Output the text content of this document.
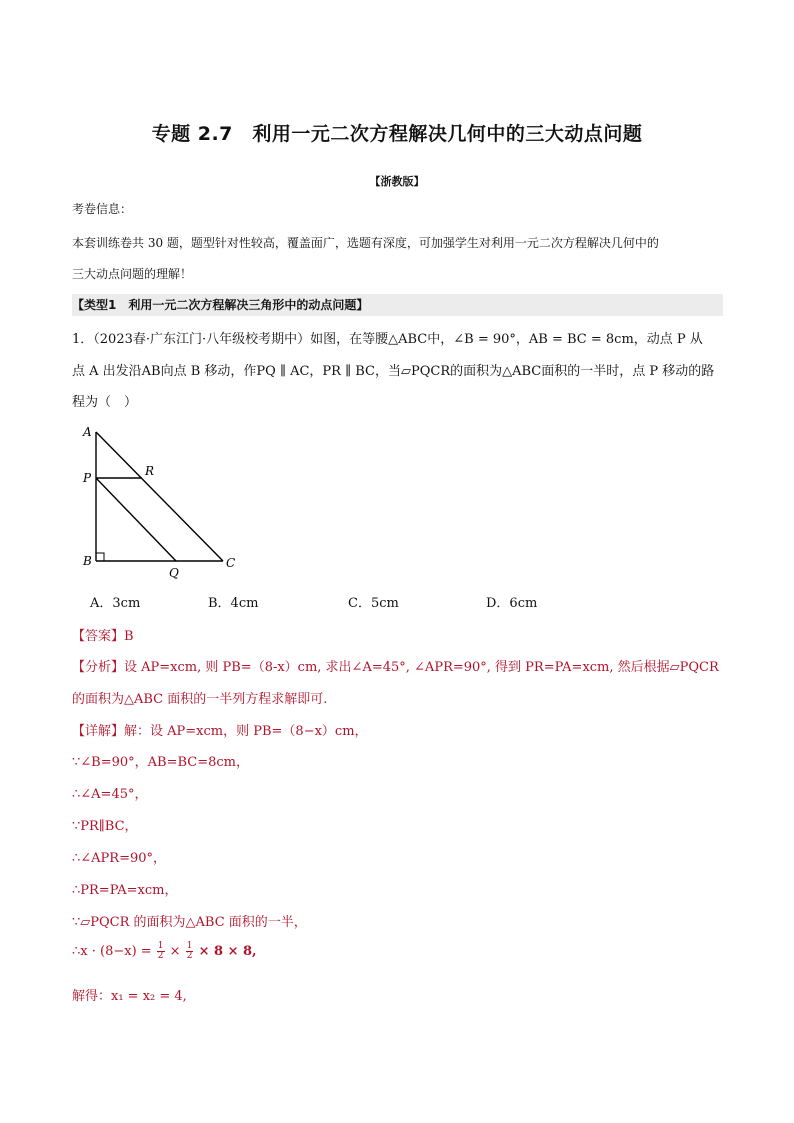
专题 2.7　利用一元二次方程解决几何中的三大动点问题
【浙教版】
考卷信息：
本套训练卷共 30 题，题型针对性较高，覆盖面广，选题有深度，可加强学生对利用一元二次方程解决几何中的
三大动点问题的理解！
【类型1　利用一元二次方程解决三角形中的动点问题】
1．（2023春·广东江门·八年级校考期中）如图，在等腰△ABC中，∠B = 90°，AB = BC = 8cm，动点 P 从
点 A 出发沿AB向点 B 移动，作PQ ∥ AC，PR ∥ BC，当▱PQCR的面积为△ABC面积的一半时，点 P 移动的路
程为（　）
A
P	R
B
Q
C
A．3cm	B．4cm	C．5cm	D．6cm
【答案】B
【分析】设 AP=xcm, 则 PB=（8-x）cm, 求出∠A=45°, ∠APR=90°, 得到 PR=PA=xcm, 然后根据▱PQCR
的面积为△ABC 面积的一半列方程求解即可.
【详解】解：设 AP=xcm，则 PB=（8−x）cm，
∵∠B=90°，AB=BC=8cm，
∴∠A=45°，
∵PR∥BC，
∴∠APR=90°，
∴PR=PA=xcm，
∵▱PQCR 的面积为△ABC 面积的一半，
∴x · $(8-x) = \frac{1}{2} \times \frac{1}{2} \times 8 \times 8$,
解得：x₁ = x₂ = 4,
